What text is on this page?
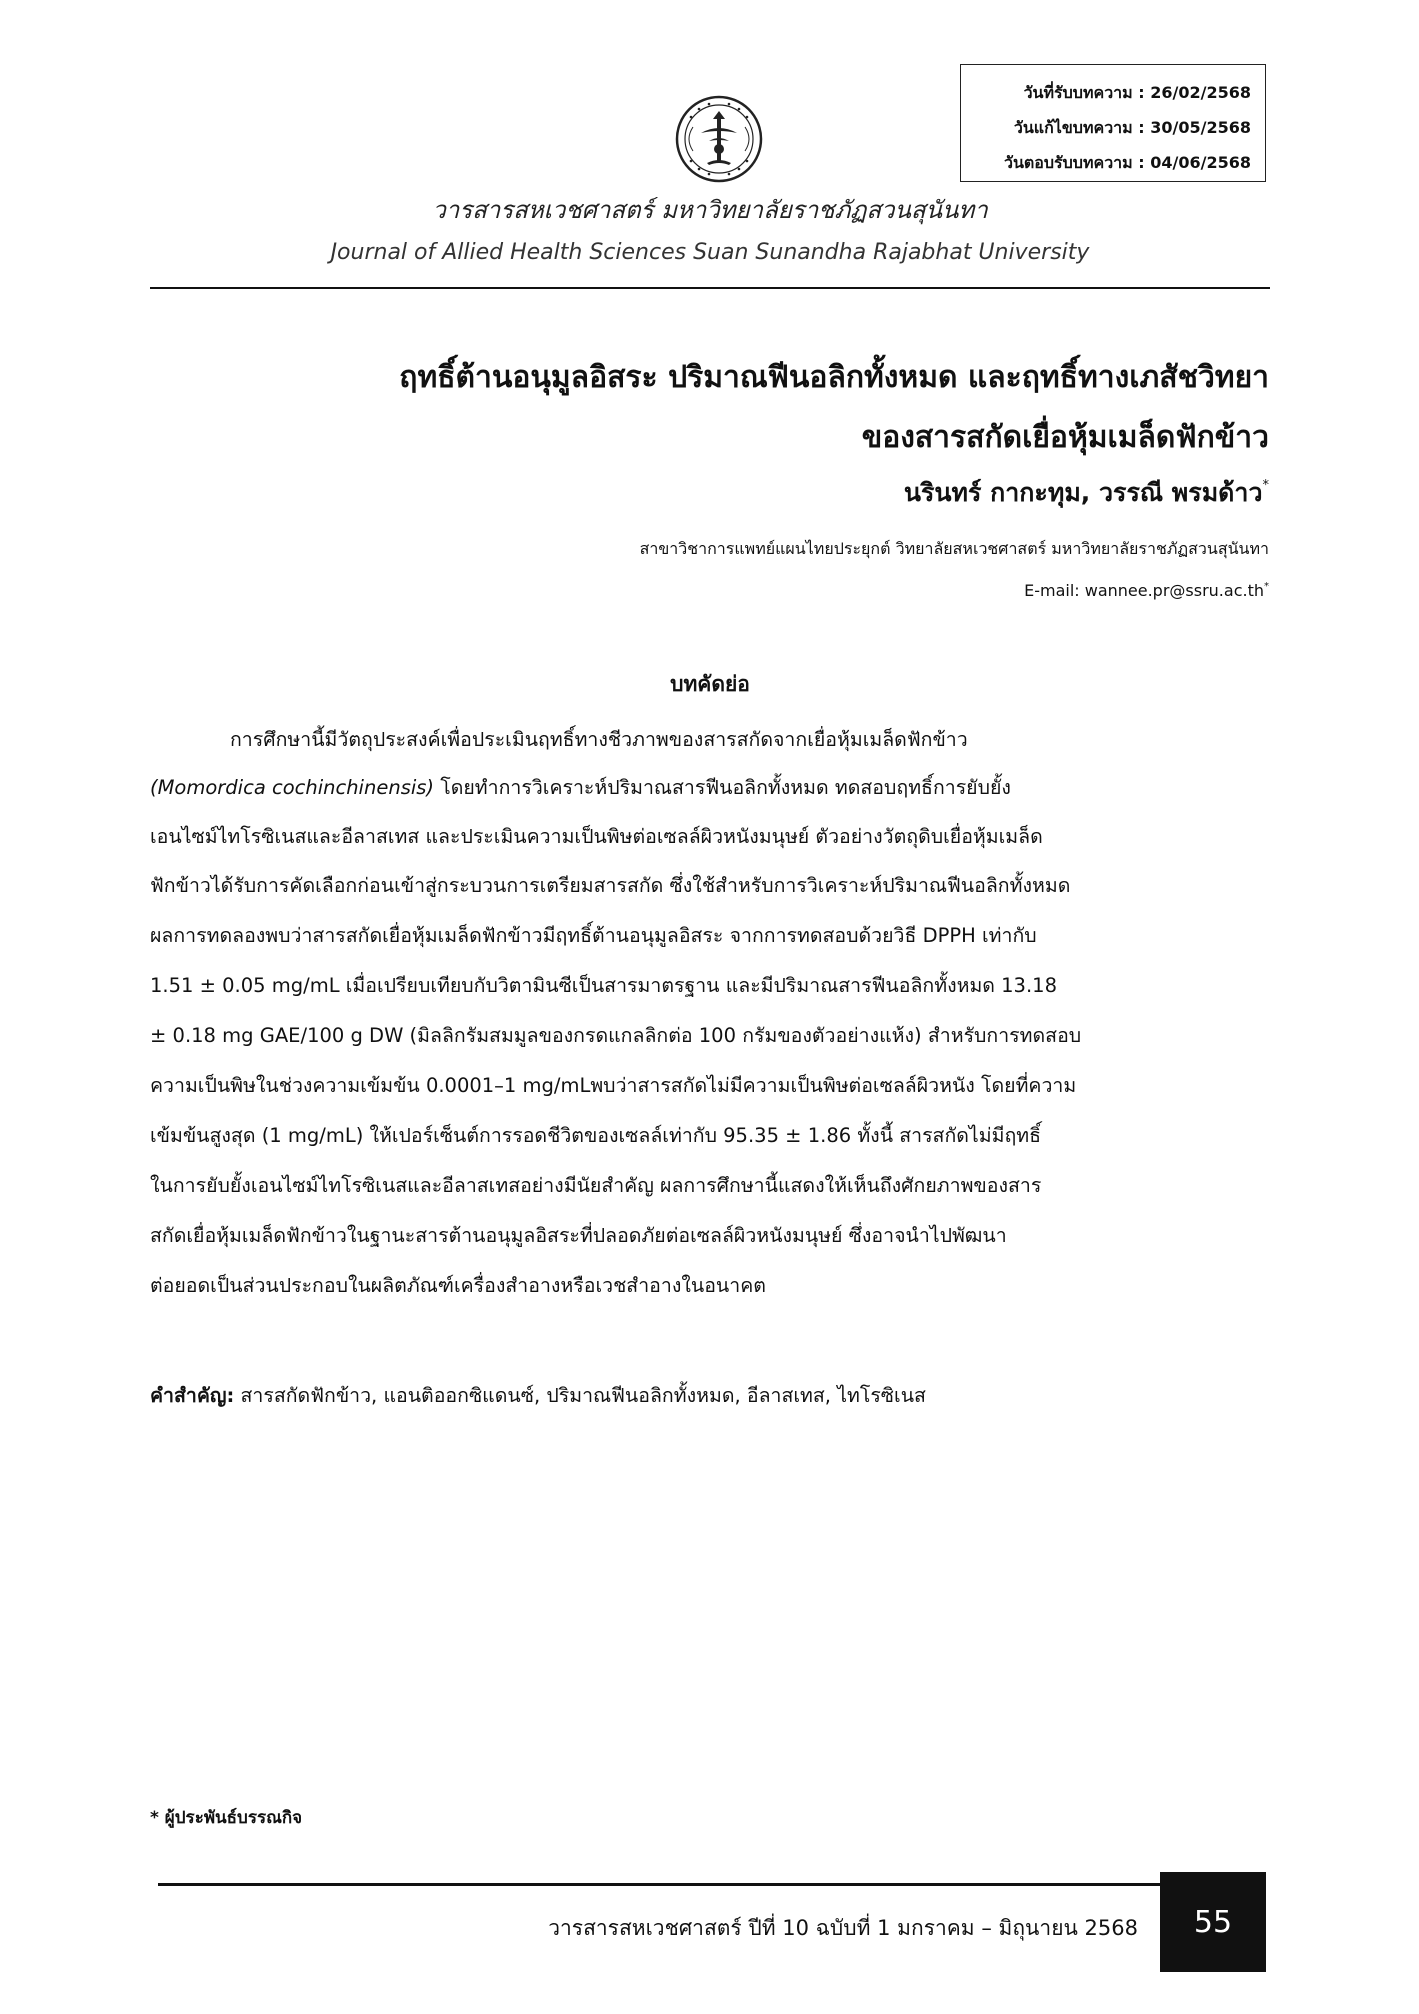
วันที่รับบทความ : 26/02/2568
วันแก้ไขบทความ : 30/05/2568
วันตอบรับบทความ : 04/06/2568
วารสารสหเวชศาสตร์ มหาวิทยาลัยราชภัฏสวนสุนันทา
Journal of Allied Health Sciences Suan Sunandha Rajabhat University
ฤทธิ์ต้านอนุมูลอิสระ ปริมาณฟีนอลิกทั้งหมด และฤทธิ์ทางเภสัชวิทยา
ของสารสกัดเยื่อหุ้มเมล็ดฟักข้าว
นรินทร์ กากะทุม, วรรณี พรมด้าว*
สาขาวิชาการแพทย์แผนไทยประยุกต์ วิทยาลัยสหเวชศาสตร์ มหาวิทยาลัยราชภัฏสวนสุนันทา
E-mail: wannee.pr@ssru.ac.th*
บทคัดย่อ
การศึกษานี้มีวัตถุประสงค์เพื่อประเมินฤทธิ์ทางชีวภาพของสารสกัดจากเยื่อหุ้มเมล็ดฟักข้าว
(Momordica cochinchinensis) โดยทำการวิเคราะห์ปริมาณสารฟีนอลิกทั้งหมด ทดสอบฤทธิ์การยับยั้ง
เอนไซม์ไทโรซิเนสและอีลาสเทส และประเมินความเป็นพิษต่อเซลล์ผิวหนังมนุษย์ ตัวอย่างวัตถุดิบเยื่อหุ้มเมล็ด
ฟักข้าวได้รับการคัดเลือกก่อนเข้าสู่กระบวนการเตรียมสารสกัด ซึ่งใช้สำหรับการวิเคราะห์ปริมาณฟีนอลิกทั้งหมด
ผลการทดลองพบว่าสารสกัดเยื่อหุ้มเมล็ดฟักข้าวมีฤทธิ์ต้านอนุมูลอิสระ จากการทดสอบด้วยวิธี DPPH เท่ากับ
1.51 ± 0.05 mg/mL เมื่อเปรียบเทียบกับวิตามินซีเป็นสารมาตรฐาน และมีปริมาณสารฟีนอลิกทั้งหมด 13.18
± 0.18 mg GAE/100 g DW (มิลลิกรัมสมมูลของกรดแกลลิกต่อ 100 กรัมของตัวอย่างแห้ง) สำหรับการทดสอบ
ความเป็นพิษในช่วงความเข้มข้น 0.0001–1 mg/mLพบว่าสารสกัดไม่มีความเป็นพิษต่อเซลล์ผิวหนัง โดยที่ความ
เข้มข้นสูงสุด (1 mg/mL) ให้เปอร์เซ็นต์การรอดชีวิตของเซลล์เท่ากับ 95.35 ± 1.86 ทั้งนี้ สารสกัดไม่มีฤทธิ์
ในการยับยั้งเอนไซม์ไทโรซิเนสและอีลาสเทสอย่างมีนัยสำคัญ ผลการศึกษานี้แสดงให้เห็นถึงศักยภาพของสาร
สกัดเยื่อหุ้มเมล็ดฟักข้าวในฐานะสารต้านอนุมูลอิสระที่ปลอดภัยต่อเซลล์ผิวหนังมนุษย์ ซึ่งอาจนำไปพัฒนา
ต่อยอดเป็นส่วนประกอบในผลิตภัณฑ์เครื่องสำอางหรือเวชสำอางในอนาคต
คำสำคัญ: สารสกัดฟักข้าว, แอนติออกซิแดนซ์, ปริมาณฟีนอลิกทั้งหมด, อีลาสเทส, ไทโรซิเนส
* ผู้ประพันธ์บรรณกิจ
วารสารสหเวชศาสตร์ ปีที่ 10 ฉบับที่ 1 มกราคม – มิถุนายน 2568 55
